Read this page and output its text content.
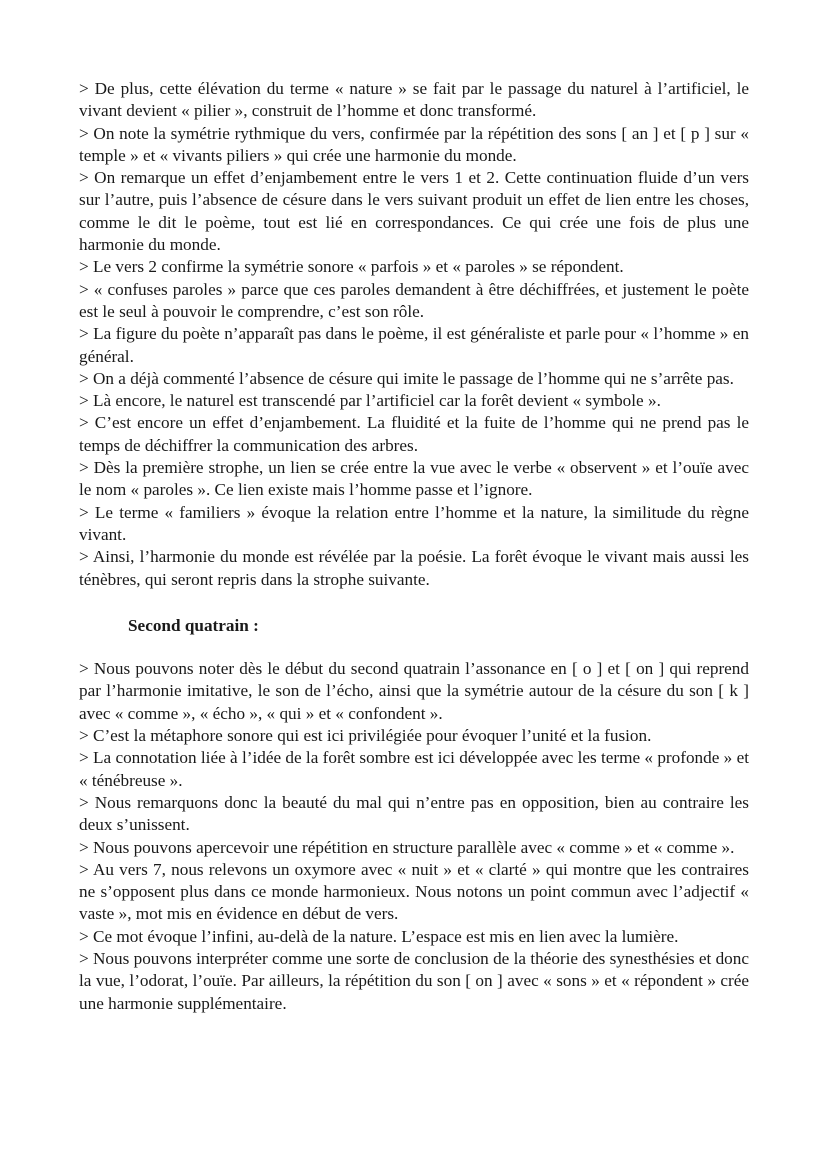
> De plus, cette élévation du terme « nature » se fait par le passage du naturel à l’artificiel, le vivant devient « pilier », construit de l’homme et donc transformé.

> On note la symétrie rythmique du vers, confirmée par la répétition des sons [ an ] et [ p ] sur « temple » et « vivants piliers » qui crée une harmonie du monde.

> On remarque un effet d’enjambement entre le vers 1 et 2. Cette continuation fluide d’un vers sur l’autre, puis l’absence de césure dans le vers suivant produit un effet de lien entre les choses, comme le dit le poème, tout est lié en correspondances. Ce qui crée une fois de plus une harmonie du monde.

> Le vers 2 confirme la symétrie sonore « parfois » et « paroles » se répondent.

> « confuses paroles » parce que ces paroles demandent à être déchiffrées, et justement le poète est le seul à pouvoir le comprendre, c’est son rôle.

> La figure du poète n’apparaît pas dans le poème, il est généraliste et parle pour « l’homme » en général.

> On a déjà commenté l’absence de césure qui imite le passage de l’homme qui ne s’arrête pas.

> Là encore, le naturel est transcendé par l’artificiel car la forêt devient « symbole ».

> C’est encore un effet d’enjambement. La fluidité et la fuite de l’homme qui ne prend pas le temps de déchiffrer la communication des arbres.

> Dès la première strophe, un lien se crée entre la vue avec le verbe « observent » et l’ouïe avec le nom « paroles ». Ce lien existe mais l’homme passe et l’ignore.

> Le terme « familiers » évoque la relation entre l’homme et la nature, la similitude du règne vivant.

> Ainsi, l’harmonie du monde est révélée par la poésie. La forêt évoque le vivant mais aussi les ténèbres, qui seront repris dans la strophe suivante.

Second quatrain :

> Nous pouvons noter dès le début du second quatrain l’assonance en [ o ] et [ on ] qui reprend par l’harmonie imitative, le son de l’écho, ainsi que la symétrie autour de la césure du son [ k ] avec « comme », « écho », « qui » et « confondent ».

> C’est la métaphore sonore qui est ici privilégiée pour évoquer l’unité et la fusion.

> La connotation liée à l’idée de la forêt sombre est ici développée avec les terme « profonde » et « ténébreuse ».

> Nous remarquons donc la beauté du mal qui n’entre pas en opposition, bien au contraire les deux s’unissent.

> Nous pouvons apercevoir une répétition en structure parallèle avec « comme » et « comme ».

> Au vers 7, nous relevons un oxymore avec « nuit » et « clarté » qui montre que les contraires ne s’opposent plus dans ce monde harmonieux. Nous notons un point commun avec l’adjectif « vaste », mot mis en évidence en début de vers.

> Ce mot évoque l’infini, au-delà de la nature. L’espace est mis en lien avec la lumière.

> Nous pouvons interpréter comme une sorte de conclusion de la théorie des synesthésies et donc la vue, l’odorat, l’ouïe. Par ailleurs, la répétition du son [ on ] avec « sons » et « répondent » crée une harmonie supplémentaire.
